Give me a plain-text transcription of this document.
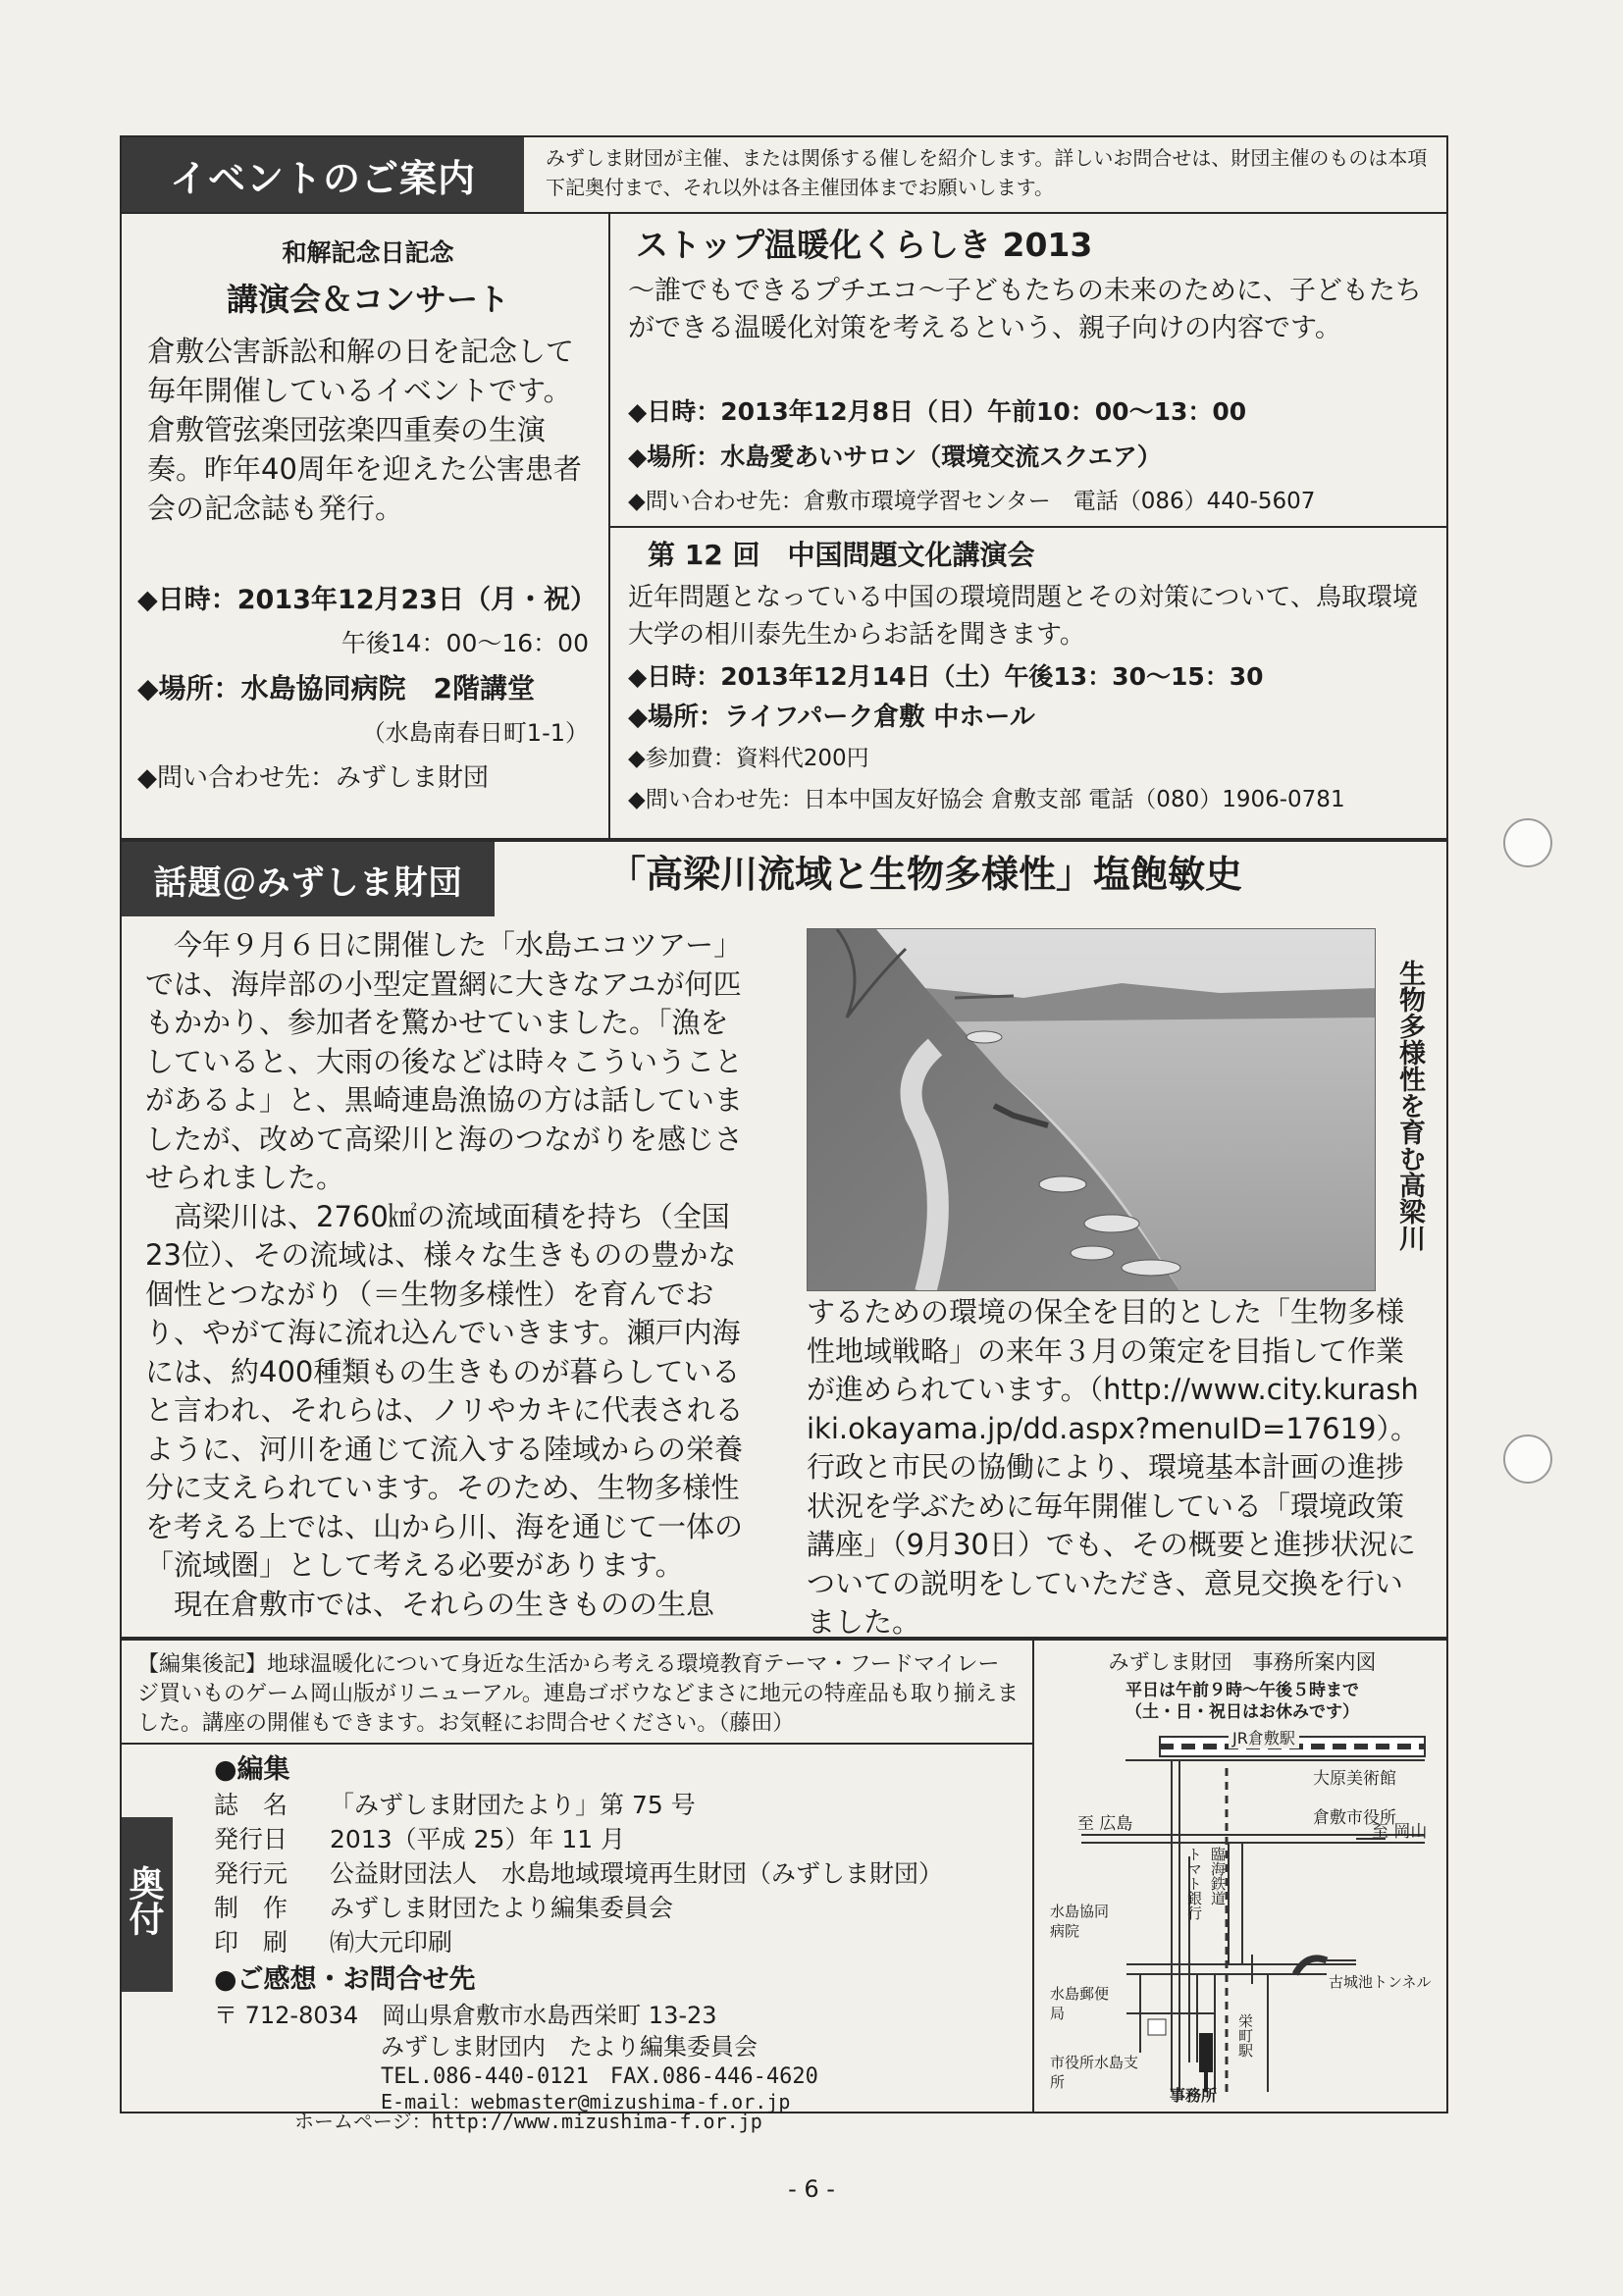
イベントのご案内	みずしま財団が主催、または関係する催しを紹介します。詳しいお問合せは、財団主催のものは本項下記奥付まで、それ以外は各主催団体までお願いします。
和解記念日記念
講演会＆コンサート
倉敷公害訴訟和解の日を記念して毎年開催しているイベントです。倉敷管弦楽団弦楽四重奏の生演奏。昨年40周年を迎えた公害患者会の記念誌も発行。
◆日時：2013年12月23日（月・祝）
午後14：00～16：00
◆場所：水島協同病院　2階講堂
（水島南春日町1-1）
◆問い合わせ先：みずしま財団
ストップ温暖化くらしき 2013
～誰でもできるプチエコ～子どもたちの未来のために、子どもたちができる温暖化対策を考えるという、親子向けの内容です。
◆日時：2013年12月8日（日）午前10：00～13：00
◆場所：水島愛あいサロン（環境交流スクエア）
◆問い合わせ先：倉敷市環境学習センター　電話（086）440-5607
第 12 回　中国問題文化講演会
近年問題となっている中国の環境問題とその対策について、鳥取環境大学の相川泰先生からお話を聞きます。
◆日時：2013年12月14日（土）午後13：30～15：30
◆場所：ライフパーク倉敷 中ホール
◆参加費：資料代200円
◆問い合わせ先：日本中国友好協会 倉敷支部 電話（080）1906-0781
話題＠みずしま財団	「高梁川流域と生物多様性」塩飽敏史
　今年９月６日に開催した「水島エコツアー」では、海岸部の小型定置網に大きなアユが何匹もかかり、参加者を驚かせていました。「漁をしていると、大雨の後などは時々こういうことがあるよ」と、黒崎連島漁協の方は話していましたが、改めて高梁川と海のつながりを感じさせられました。
　高梁川は、2760㎢の流域面積を持ち（全国23位）、その流域は、様々な生きものの豊かな個性とつながり（＝生物多様性）を育んでおり、やがて海に流れ込んでいきます。瀬戸内海には、約400種類もの生きものが暮らしていると言われ、それらは、ノリやカキに代表されるように、河川を通じて流入する陸域からの栄養分に支えられています。そのため、生物多様性を考える上では、山から川、海を通じて一体の「流域圏」として考える必要があります。
　現在倉敷市では、それらの生きものの生息
生物多様性を育む高梁川
するための環境の保全を目的とした「生物多様性地域戦略」の来年３月の策定を目指して作業が進められています。（http://www.city.kurashiki.okayama.jp/dd.aspx?menuID=17619）。行政と市民の協働により、環境基本計画の進捗状況を学ぶために毎年開催している「環境政策講座」（9月30日）でも、その概要と進捗状況についての説明をしていただき、意見交換を行いました。
【編集後記】地球温暖化について身近な生活から考える環境教育テーマ・フードマイレージ買いものゲーム岡山版がリニューアル。連島ゴボウなどまさに地元の特産品も取り揃えました。講座の開催もできます。お気軽にお問合せください。（藤田）
奥付
●編集
誌　名	「みずしま財団たより」第 75 号
発行日	2013（平成 25）年 11 月
発行元	公益財団法人　水島地域環境再生財団（みずしま財団）
制　作	みずしま財団たより編集委員会
印　刷	㈲大元印刷
●ご感想・お問合せ先
〒 712-8034　岡山県倉敷市水島西栄町 13-23
みずしま財団内　たより編集委員会
TEL.086-440-0121　FAX.086-446-4620
E-mail：webmaster@mizushima-f.or.jp
ホームページ：http://www.mizushima-f.or.jp
みずしま財団　事務所案内図
平日は午前９時～午後５時まで
（土・日・祝日はお休みです）
JR倉敷駅
大原美術館
倉敷市役所
至 広島	至 岡山
トマト銀行 臨海鉄道
古城池トンネル
水島協同病院
水島郵便局
市役所水島支所
栄町駅
事務所
- 6 -
